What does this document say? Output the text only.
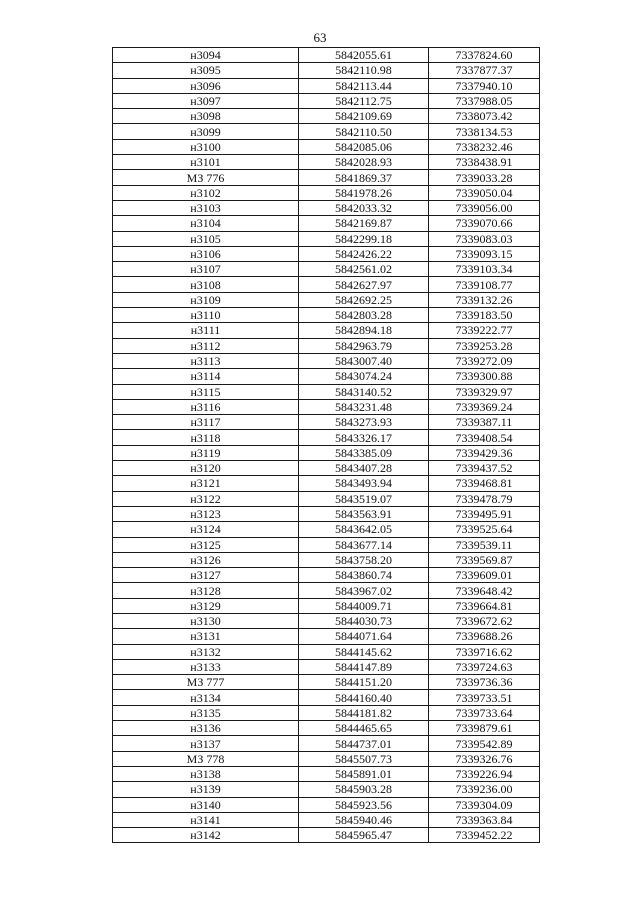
63
н3094	5842055.61	7337824.60
н3095	5842110.98	7337877.37
н3096	5842113.44	7337940.10
н3097	5842112.75	7337988.05
н3098	5842109.69	7338073.42
н3099	5842110.50	7338134.53
н3100	5842085.06	7338232.46
н3101	5842028.93	7338438.91
МЗ 776	5841869.37	7339033.28
н3102	5841978.26	7339050.04
н3103	5842033.32	7339056.00
н3104	5842169.87	7339070.66
н3105	5842299.18	7339083.03
н3106	5842426.22	7339093.15
н3107	5842561.02	7339103.34
н3108	5842627.97	7339108.77
н3109	5842692.25	7339132.26
н3110	5842803.28	7339183.50
н3111	5842894.18	7339222.77
н3112	5842963.79	7339253.28
н3113	5843007.40	7339272.09
н3114	5843074.24	7339300.88
н3115	5843140.52	7339329.97
н3116	5843231.48	7339369.24
н3117	5843273.93	7339387.11
н3118	5843326.17	7339408.54
н3119	5843385.09	7339429.36
н3120	5843407.28	7339437.52
н3121	5843493.94	7339468.81
н3122	5843519.07	7339478.79
н3123	5843563.91	7339495.91
н3124	5843642.05	7339525.64
н3125	5843677.14	7339539.11
н3126	5843758.20	7339569.87
н3127	5843860.74	7339609.01
н3128	5843967.02	7339648.42
н3129	5844009.71	7339664.81
н3130	5844030.73	7339672.62
н3131	5844071.64	7339688.26
н3132	5844145.62	7339716.62
н3133	5844147.89	7339724.63
МЗ 777	5844151.20	7339736.36
н3134	5844160.40	7339733.51
н3135	5844181.82	7339733.64
н3136	5844465.65	7339879.61
н3137	5844737.01	7339542.89
МЗ 778	5845507.73	7339326.76
н3138	5845891.01	7339226.94
н3139	5845903.28	7339236.00
н3140	5845923.56	7339304.09
н3141	5845940.46	7339363.84
н3142	5845965.47	7339452.22
